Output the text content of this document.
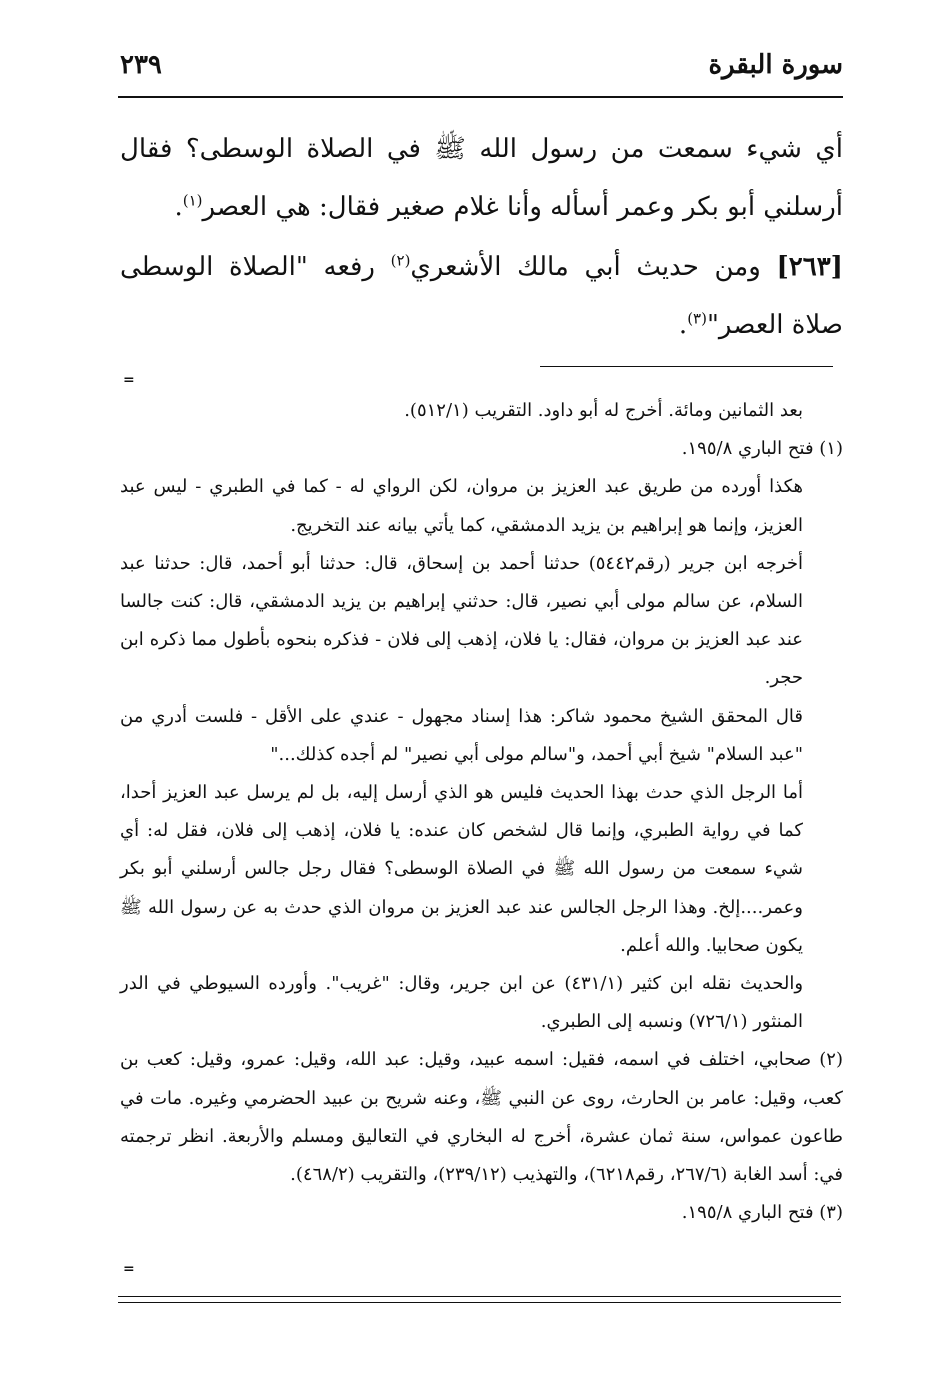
سورة البقرة
٢٣٩

أي شيء سمعت من رسول الله ﷺ في الصلاة الوسطى؟ فقال أرسلني أبو بكر وعمر أسأله وأنا غلام صغير فقال: هي العصر$^{(١)}$.

[٢٦٣] ومن حديث أبي مالك الأشعري$^{(٢)}$ رفعه "الصلاة الوسطى صلاة العصر"$^{(٣)}$.

=

بعد الثمانين ومائة. أخرج له أبو داود. التقريب (٥١٢/١).

(١) فتح الباري ١٩٥/٨.

هكذا أورده من طريق عبد العزيز بن مروان، لكن الرواي له - كما في الطبري - ليس عبد العزيز، وإنما هو إبراهيم بن يزيد الدمشقي، كما يأتي بيانه عند التخريج.

أخرجه ابن جرير (رقم٥٤٤٢) حدثنا أحمد بن إسحاق، قال: حدثنا أبو أحمد، قال: حدثنا عبد السلام، عن سالم مولى أبي نصير، قال: حدثني إبراهيم بن يزيد الدمشقي، قال: كنت جالسا عند عبد العزيز بن مروان، فقال: يا فلان، إذهب إلى فلان - فذكره بنحوه بأطول مما ذكره ابن حجر.

قال المحقق الشيخ محمود شاكر: هذا إسناد مجهول - عندي على الأقل - فلست أدري من "عبد السلام" شيخ أبي أحمد، و"سالم مولى أبي نصير" لم أجده كذلك..."

أما الرجل الذي حدث بهذا الحديث فليس هو الذي أرسل إليه، بل لم يرسل عبد العزيز أحدا، كما في رواية الطبري، وإنما قال لشخص كان عنده: يا فلان، إذهب إلى فلان، فقل له: أي شيء سمعت من رسول الله ﷺ في الصلاة الوسطى؟ فقال رجل جالس أرسلني أبو بكر وعمر....إلخ. وهذا الرجل الجالس عند عبد العزيز بن مروان الذي حدث به عن رسول الله ﷺ يكون صحابيا. والله أعلم.

والحديث نقله ابن كثير (٤٣١/١) عن ابن جرير، وقال: "غريب". وأورده السيوطي في الدر المنثور (٧٢٦/١) ونسبه إلى الطبري.

(٢) صحابي، اختلف في اسمه، فقيل: اسمه عبيد، وقيل: عبد الله، وقيل: عمرو، وقيل: كعب بن كعب، وقيل: عامر بن الحارث، روى عن النبي ﷺ، وعنه شريح بن عبيد الحضرمي وغيره. مات في طاعون عمواس، سنة ثمان عشرة، أخرج له البخاري في التعاليق ومسلم والأربعة. انظر ترجمته في: أسد الغابة (٢٦٧/٦، رقم٦٢١٨)، والتهذيب (٢٣٩/١٢)، والتقريب (٤٦٨/٢).

(٣) فتح الباري ١٩٥/٨.

=
